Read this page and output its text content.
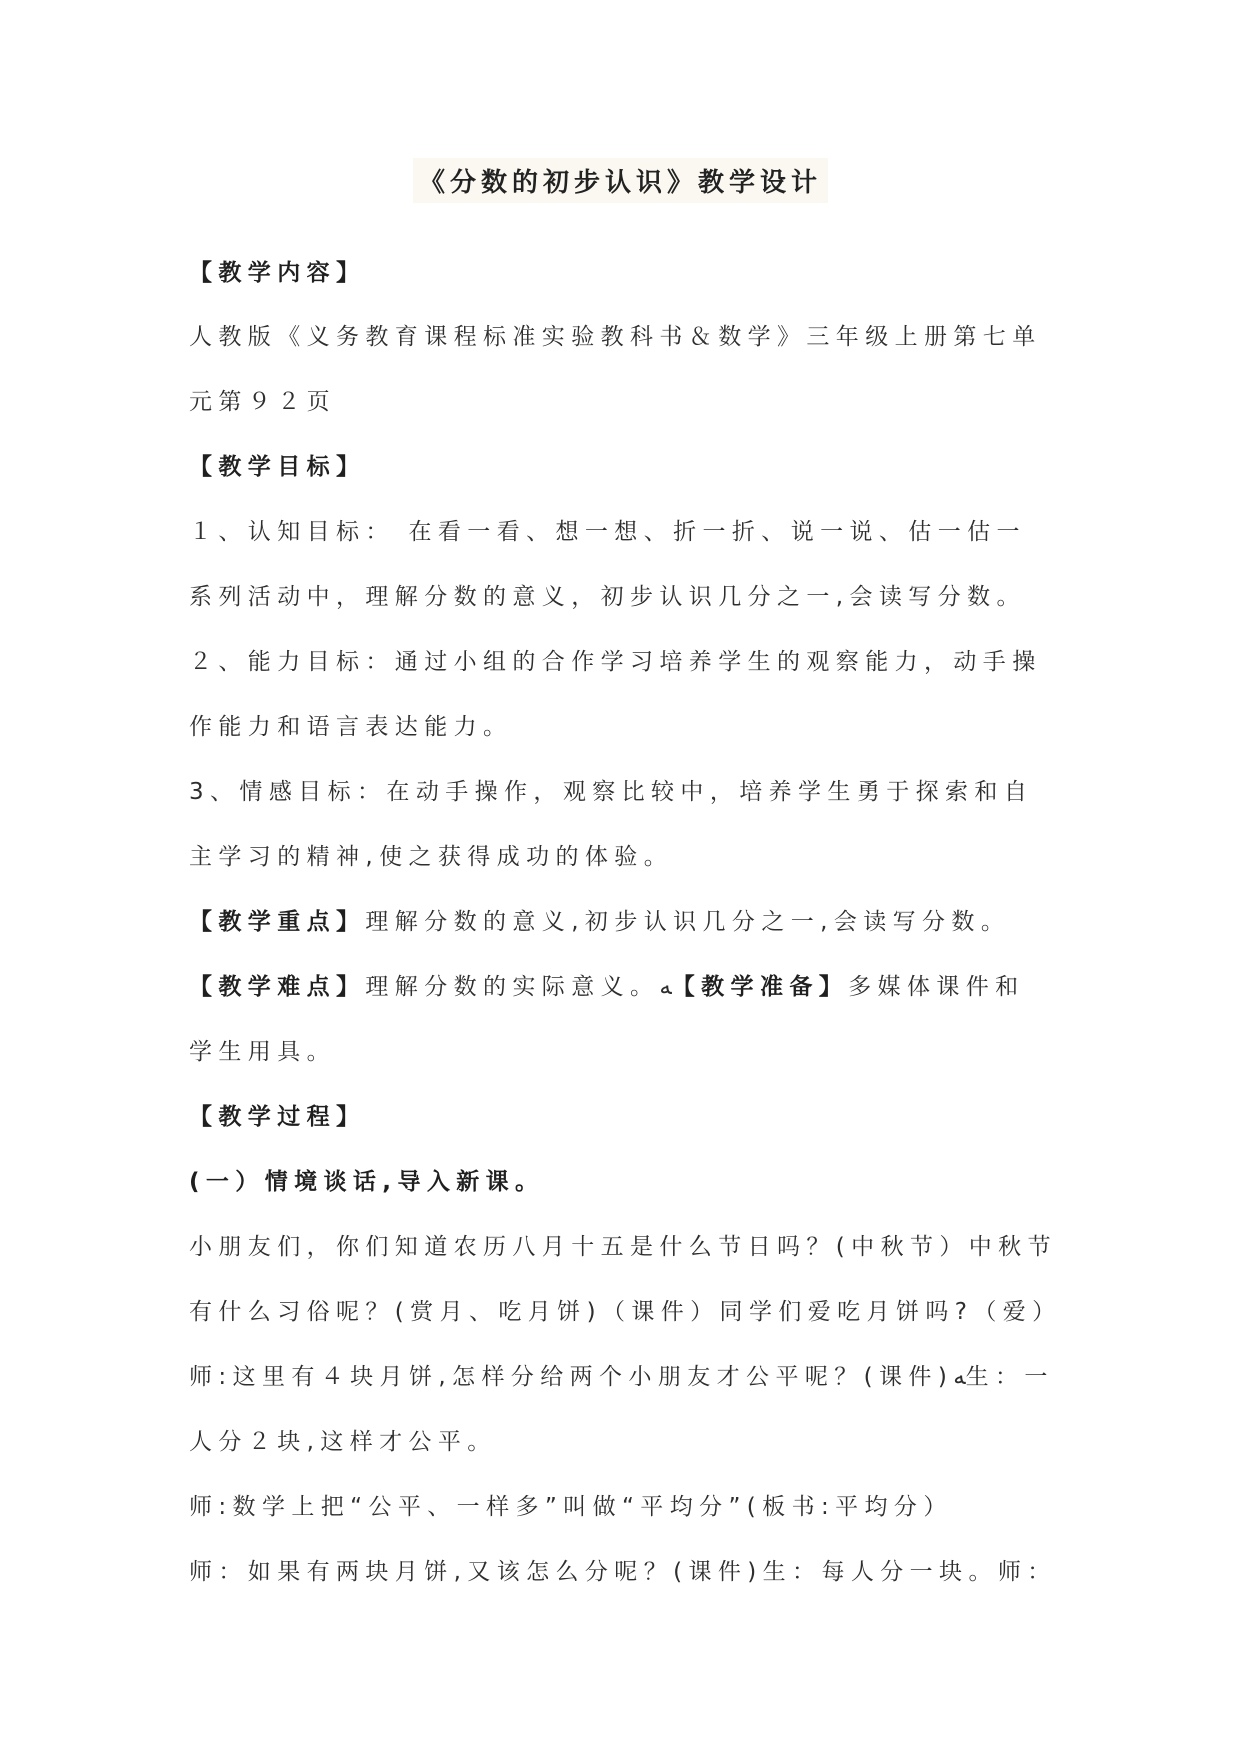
《分数的初步认识》教学设计
【教学内容】
人教版《义务教育课程标准实验教科书＆数学》三年级上册第七单
元第９２页
【教学目标】
１、认知目标： 在看一看、想一想、折一折、说一说、估一估一
系列活动中，理解分数的意义，初步认识几分之一,会读写分数。
２、能力目标：通过小组的合作学习培养学生的观察能力，动手操
作能力和语言表达能力。
3、情感目标：在动手操作，观察比较中，培养学生勇于探索和自
主学习的精神,使之获得成功的体验。
【教学重点】理解分数的意义,初步认识几分之一,会读写分数。
【教学难点】理解分数的实际意义。ﻪ【教学准备】多媒体课件和
学生用具。
【教学过程】
(一）情境谈话,导入新课。
小朋友们，你们知道农历八月十五是什么节日吗？(中秋节）中秋节
有什么习俗呢？(赏月、吃月饼)（课件）同学们爱吃月饼吗?（爱）
师:这里有４块月饼,怎样分给两个小朋友才公平呢？(课件)ﻪ生：一
人分２块,这样才公平。
师:数学上把“公平、一样多”叫做“平均分”(板书:平均分）
师：如果有两块月饼,又该怎么分呢？(课件)生：每人分一块。师：
